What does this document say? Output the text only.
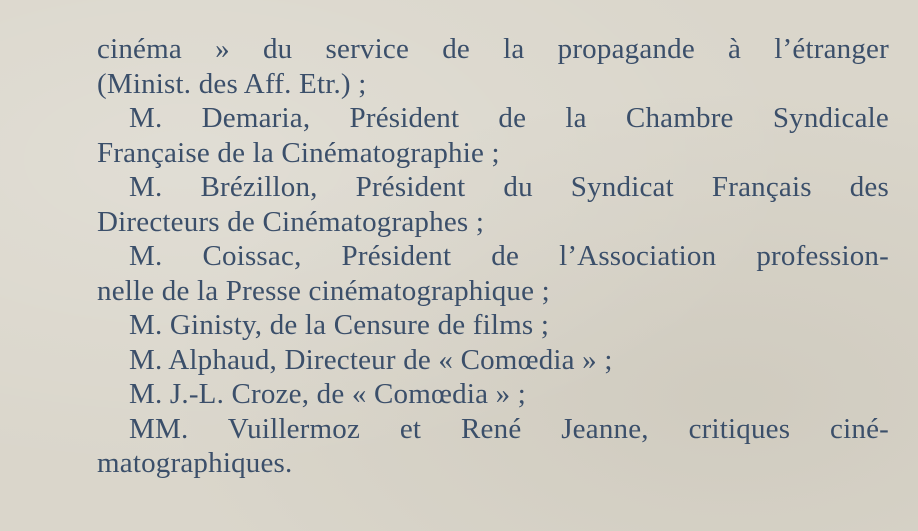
cinéma » du service de la propagande à l’étranger
(Minist. des Aff. Etr.) ;
M. Demaria, Président de la Chambre Syndicale
Française de la Cinématographie ;
M. Brézillon, Président du Syndicat Français des
Directeurs de Cinématographes ;
M. Coissac, Président de l’Association profession-
nelle de la Presse cinématographique ;
M. Ginisty, de la Censure de films ;
M. Alphaud, Directeur de « Comœdia » ;
M. J.-L. Croze, de « Comœdia » ;
MM. Vuillermoz et René Jeanne, critiques ciné-
matographiques.
